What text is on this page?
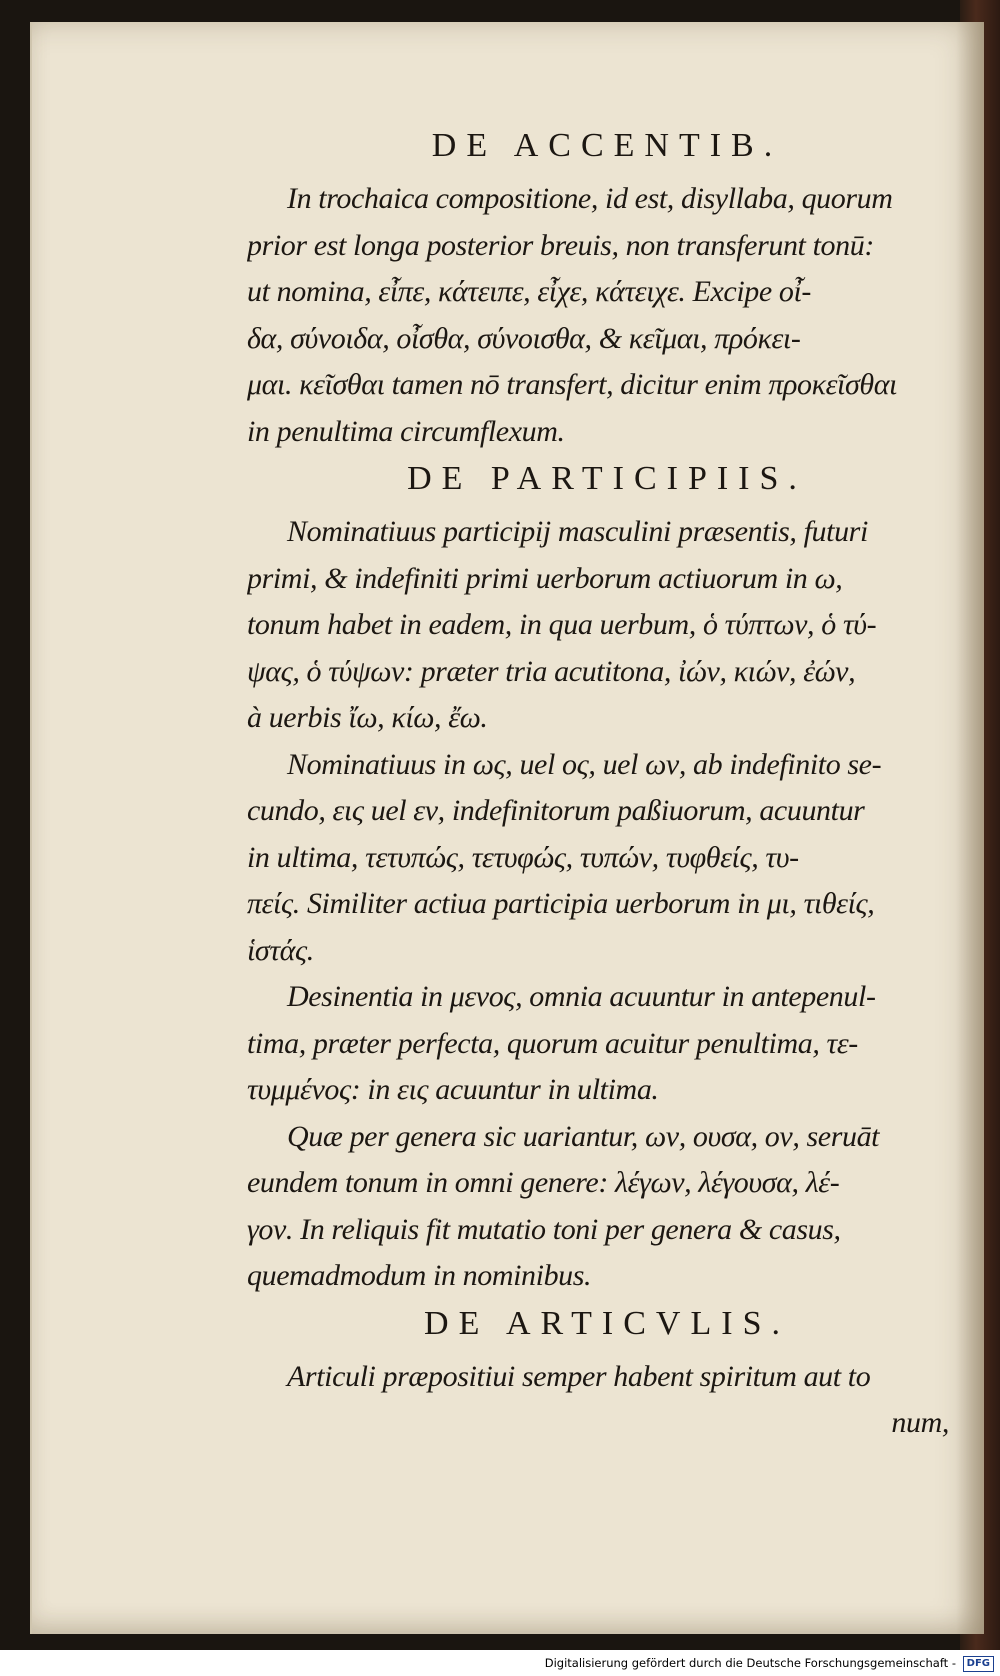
DE ACCENTIB.
In trochaica compositione, id est, disyllaba, quorum
prior est longa posterior breuis, non transferunt tonū:
ut nomina, εἶπε, κάτειπε, εἶχε, κάτειχε. Excipe οἶ-
δα, σύνοιδα, οἶσθα, σύνοισθα, & κεῖμαι, πρόκει-
μαι. κεῖσθαι tamen nō transfert, dicitur enim προκεῖσθαι
in penultima circumflexum.
DE PARTICIPIIS.
Nominatiuus participij masculini præsentis, futuri
primi, & indefiniti primi uerborum actiuorum in ω,
tonum habet in eadem, in qua uerbum, ὁ τύπτων, ὁ τύ-
ψας, ὁ τύψων: præter tria acutitona, ἰών, κιών, ἐών,
à uerbis ἴω, κίω, ἔω.
Nominatiuus in ως, uel ος, uel ων, ab indefinito se-
cundo, εις uel εν, indefinitorum paßiuorum, acuuntur
in ultima, τετυπώς, τετυφώς, τυπών, τυφθείς, τυ-
πείς. Similiter actiua participia uerborum in μι, τιθείς,
ἱστάς.
Desinentia in μενος, omnia acuuntur in antepenul-
tima, præter perfecta, quorum acuitur penultima, τε-
τυμμένος: in εις acuuntur in ultima.
Quæ per genera sic uariantur, ων, ουσα, ον, seruāt
eundem tonum in omni genere: λέγων, λέγουσα, λέ-
γον. In reliquis fit mutatio toni per genera & casus,
quemadmodum in nominibus.
DE ARTICVLIS.
Articuli præpositiui semper habent spiritum aut to
num,
Digitalisierung gefördert durch die Deutsche Forschungsgemeinschaft - DFG
